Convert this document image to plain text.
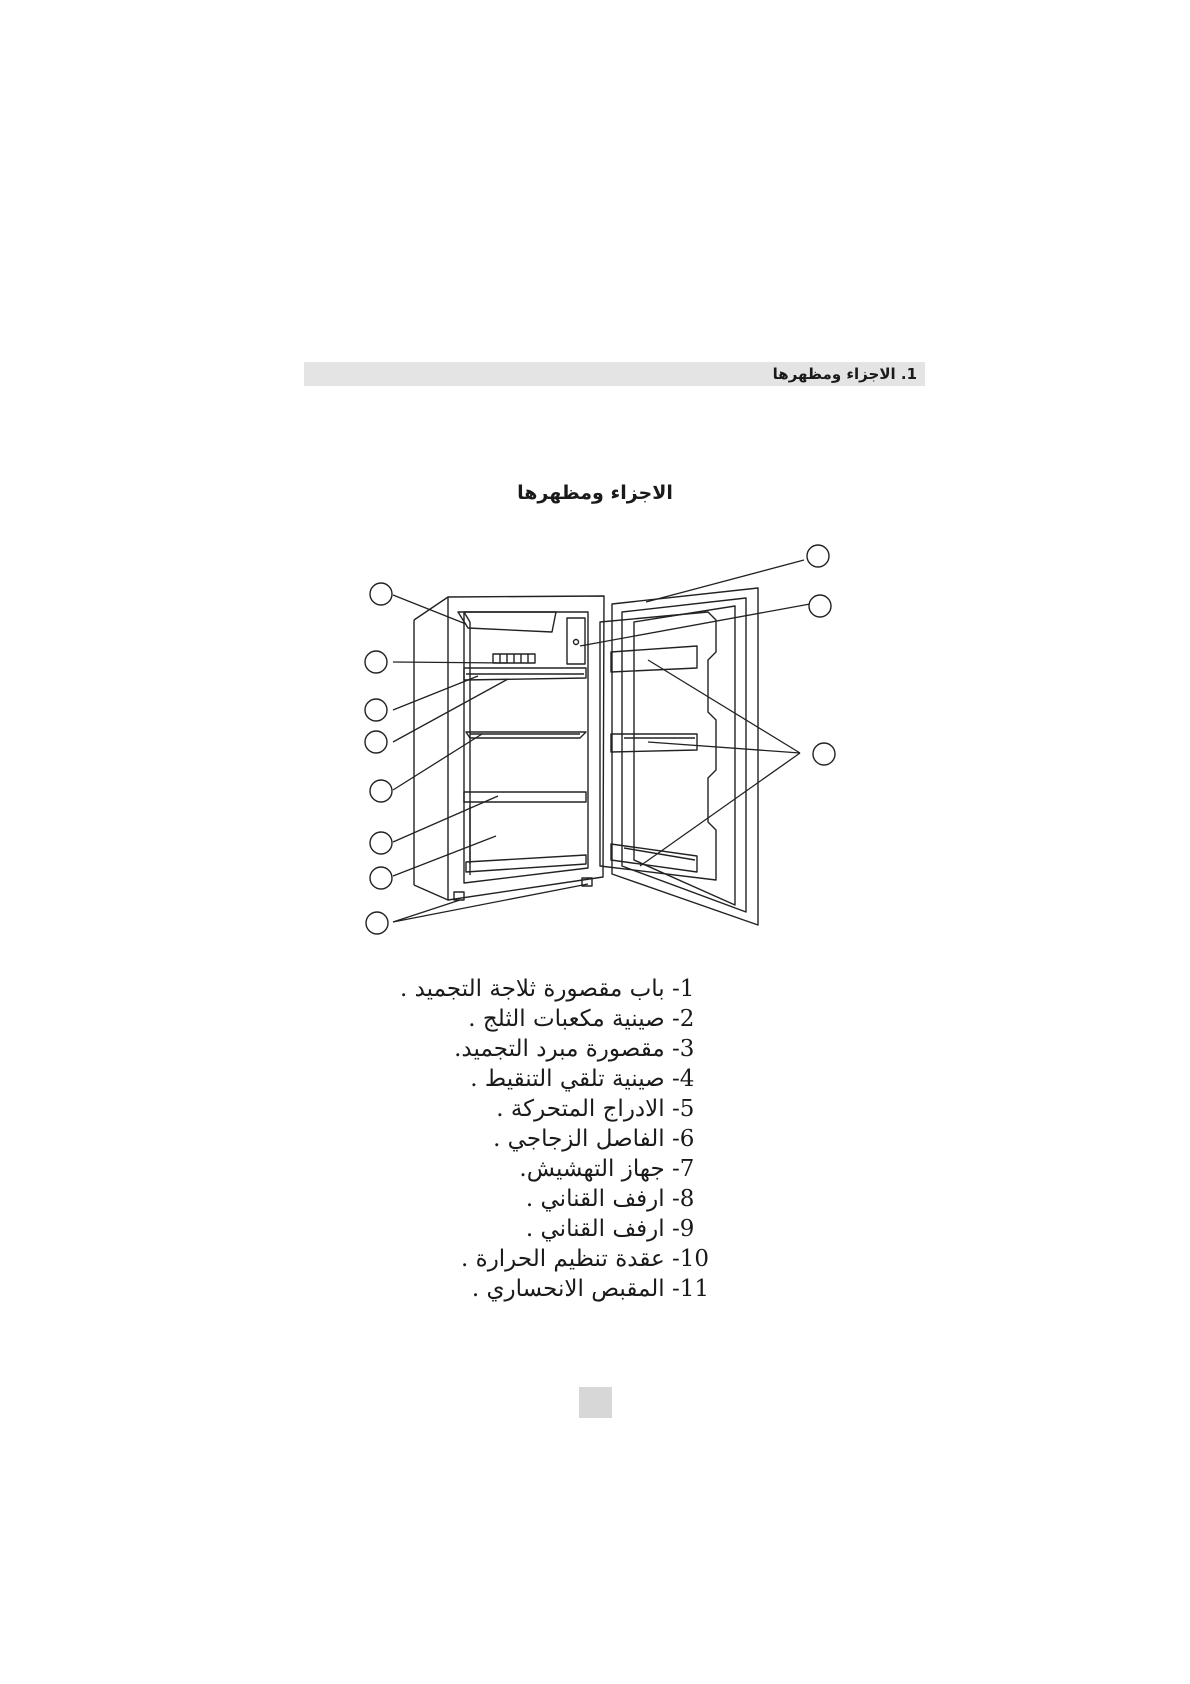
1. الاجزاء ومظهرها
الاجزاء ومظهرها
-1 باب مقصورة ثلاجة التجميد .
-2 صينية مكعبات الثلج .
-3 مقصورة مبرد التجميد.
-4 صينية تلقي التنقيط .
-5 الادراج المتحركة .
-6 الفاصل الزجاجي .
-7 جهاز التهشيش.
-8 ارفف القناني .
-9 ارفف القناني .
-10 عقدة تنظيم الحرارة .
-11 المقبص الانحساري .
